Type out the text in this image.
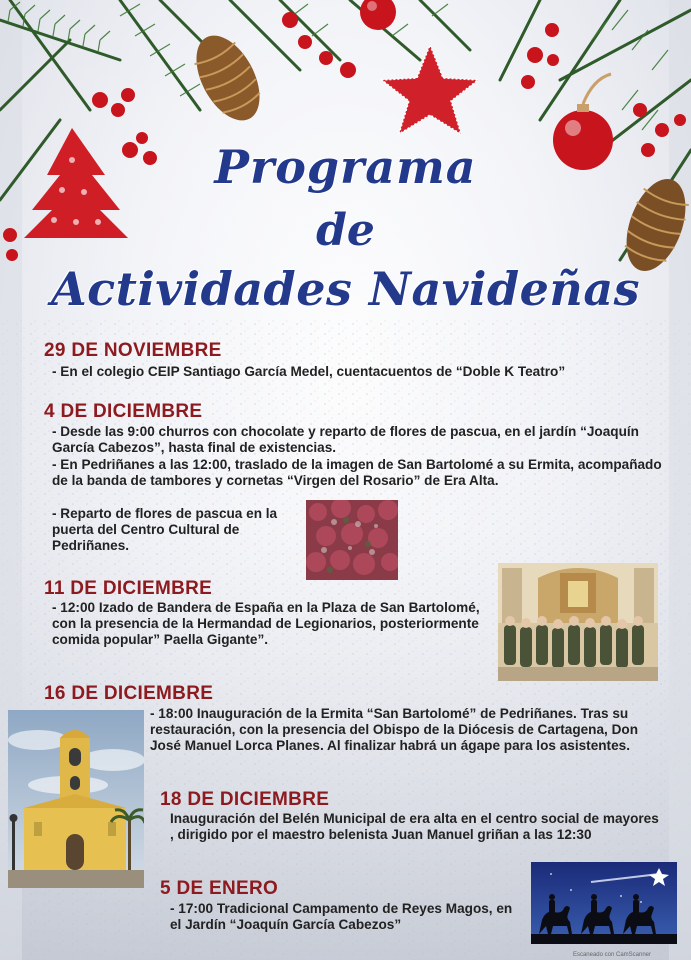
Programa
de
Actividades Navideñas
29 DE NOVIEMBRE
- En el colegio CEIP Santiago García Medel, cuentacuentos de “Doble K Teatro”
4 DE DICIEMBRE
- Desde las 9:00 churros con chocolate y reparto de flores de pascua, en el jardín “Joaquín García Cabezos”, hasta final de existencias.
- En Pedriñanes a las 12:00, traslado de la imagen de San Bartolomé a su Ermita, acompañado de la banda de tambores y cornetas “Virgen del Rosario” de Era Alta.
- Reparto de flores de pascua en la puerta del Centro Cultural de Pedriñanes.
11 DE DICIEMBRE
- 12:00 Izado de Bandera de España en la Plaza de San Bartolomé, con la presencia de la Hermandad de Legionarios, posteriormente comida popular” Paella Gigante”.
16 DE DICIEMBRE
- 18:00 Inauguración de la Ermita “San Bartolomé” de Pedriñanes. Tras su restauración, con la presencia del Obispo de la Diócesis de Cartagena, Don José Manuel Lorca Planes. Al finalizar habrá un ágape para los asistentes.
18 DE DICIEMBRE
Inauguración del Belén Municipal de era alta en el centro social de mayores , dirigido por el maestro belenista Juan Manuel griñan a las 12:30
5 DE ENERO
- 17:00 Tradicional Campamento de Reyes Magos, en el Jardín “Joaquín García Cabezos”
Escaneado con CamScanner
